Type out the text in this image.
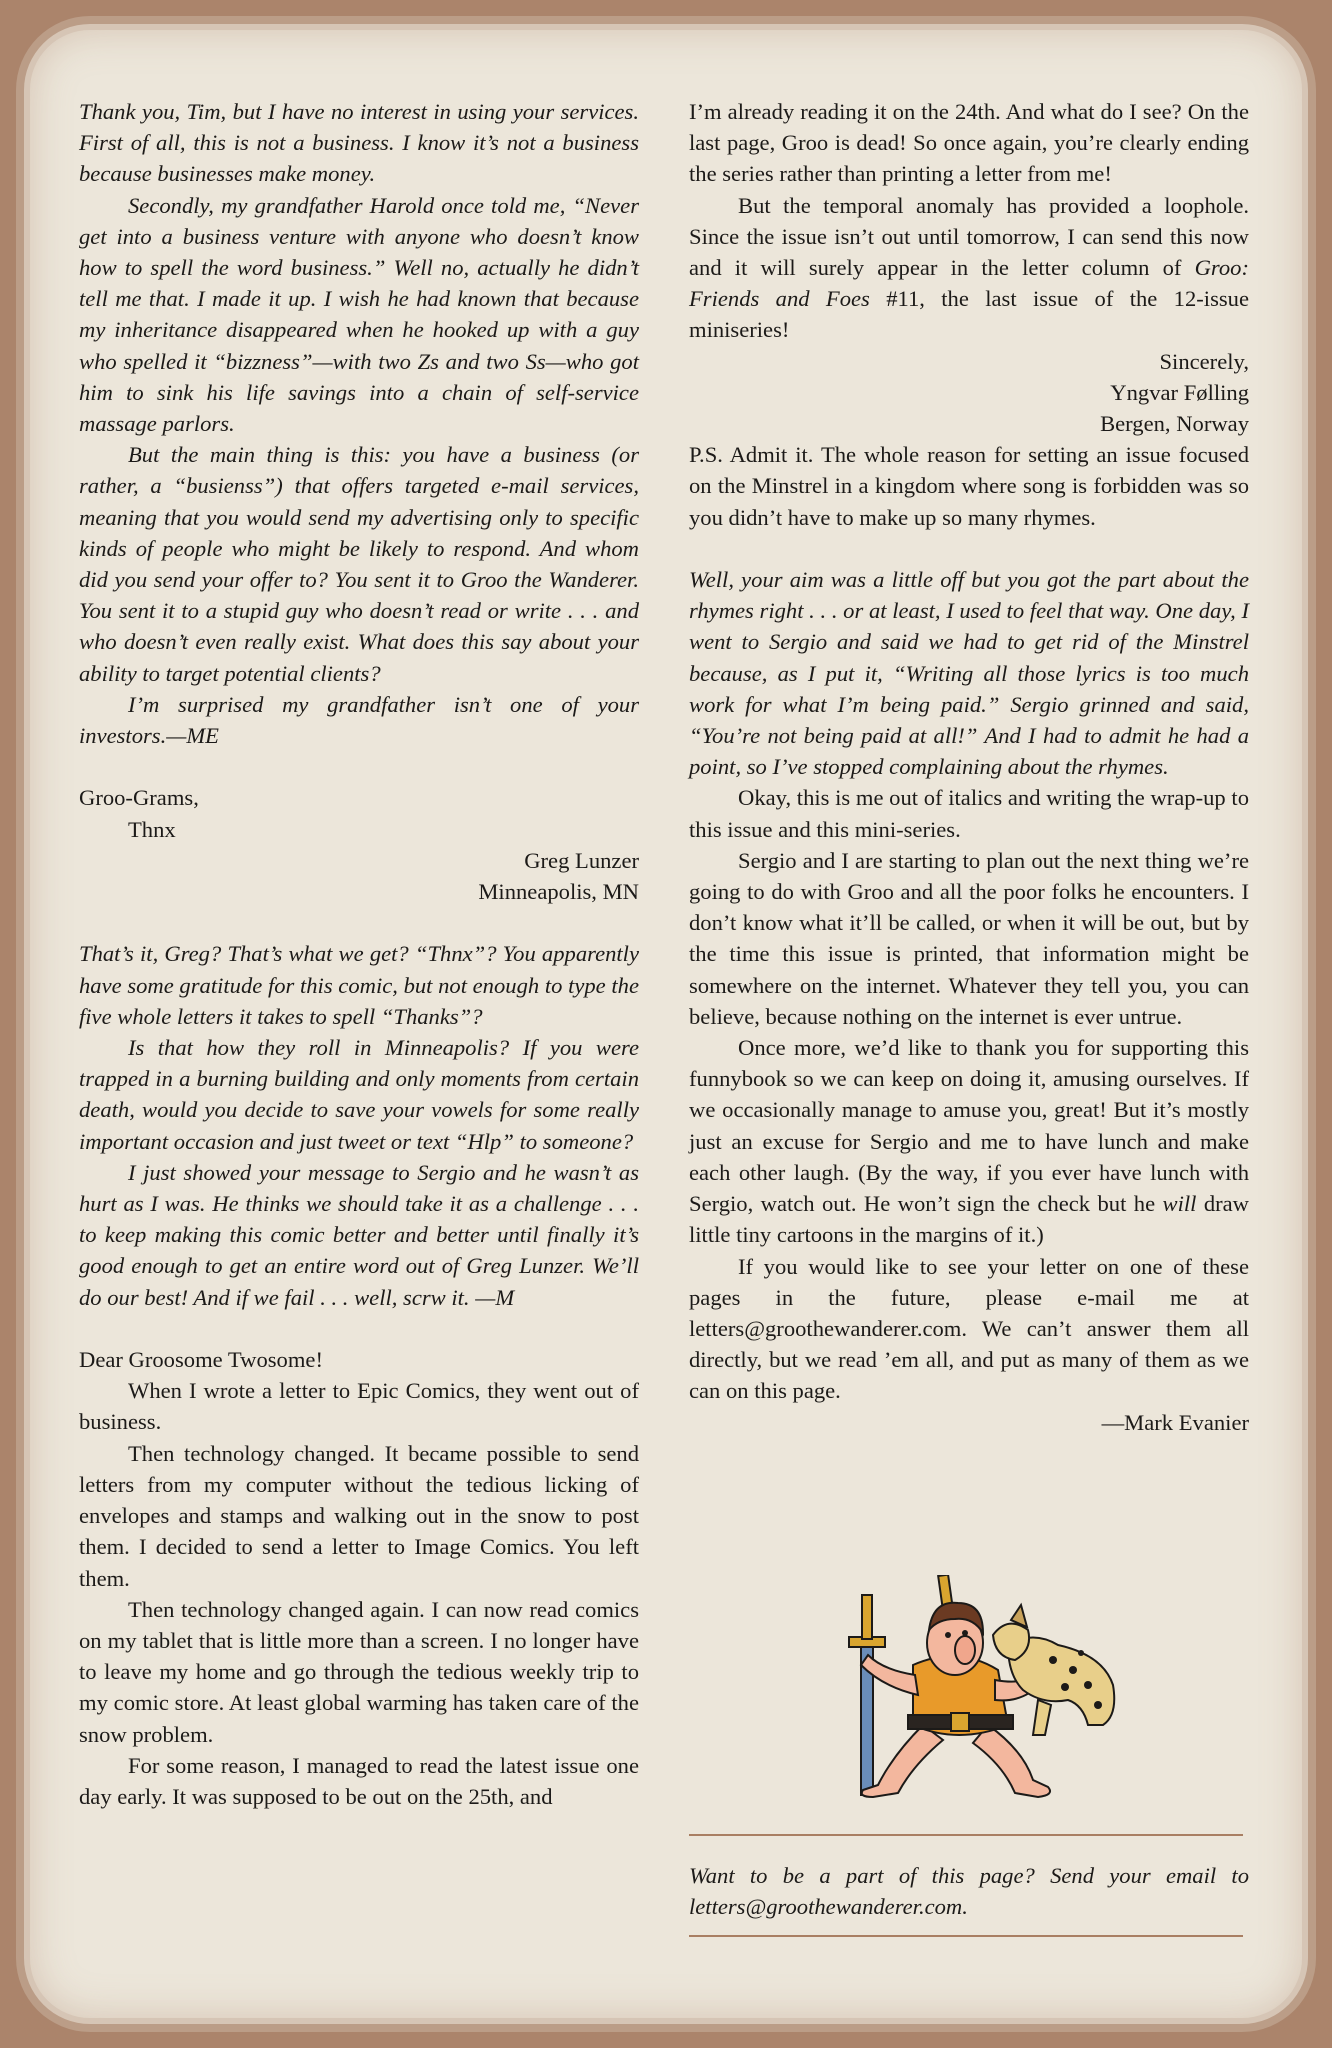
Thank you, Tim, but I have no interest in using your services. First of all, this is not a business. I know it’s not a business because businesses make money.

Secondly, my grandfather Harold once told me, “Never get into a business venture with anyone who doesn’t know how to spell the word business.” Well no, actually he didn’t tell me that. I made it up. I wish he had known that because my inheritance disappeared when he hooked up with a guy who spelled it “bizzness”—with two Zs and two Ss—who got him to sink his life savings into a chain of self-service massage parlors.

But the main thing is this: you have a business (or rather, a “busienss”) that offers targeted e-mail services, meaning that you would send my advertising only to specific kinds of people who might be likely to respond. And whom did you send your offer to? You sent it to Groo the Wanderer. You sent it to a stupid guy who doesn’t read or write . . . and who doesn’t even really exist. What does this say about your ability to target potential clients?

I’m surprised my grandfather isn’t one of your investors.—ME

Groo-Grams,

Thnx

Greg Lunzer

Minneapolis, MN

That’s it, Greg? That’s what we get? “Thnx”? You apparently have some gratitude for this comic, but not enough to type the five whole letters it takes to spell “Thanks”?

Is that how they roll in Minneapolis? If you were trapped in a burning building and only moments from certain death, would you decide to save your vowels for some really important occasion and just tweet or text “Hlp” to someone?

I just showed your message to Sergio and he wasn’t as hurt as I was. He thinks we should take it as a challenge . . . to keep making this comic better and better until finally it’s good enough to get an entire word out of Greg Lunzer. We’ll do our best! And if we fail . . . well, scrw it. —M

Dear Groosome Twosome!

When I wrote a letter to Epic Comics, they went out of business.

Then technology changed. It became possible to send letters from my computer without the tedious licking of envelopes and stamps and walking out in the snow to post them. I decided to send a letter to Image Comics. You left them.

Then technology changed again. I can now read comics on my tablet that is little more than a screen. I no longer have to leave my home and go through the tedious weekly trip to my comic store. At least global warming has taken care of the snow problem.

For some reason, I managed to read the latest issue one day early. It was supposed to be out on the 25th, and

I’m already reading it on the 24th. And what do I see? On the last page, Groo is dead! So once again, you’re clearly ending the series rather than printing a letter from me!

But the temporal anomaly has provided a loophole. Since the issue isn’t out until tomorrow, I can send this now and it will surely appear in the letter column of Groo: Friends and Foes #11, the last issue of the 12-issue miniseries!

Sincerely,

Yngvar Følling

Bergen, Norway

P.S. Admit it. The whole reason for setting an issue focused on the Minstrel in a kingdom where song is forbidden was so you didn’t have to make up so many rhymes.

Well, your aim was a little off but you got the part about the rhymes right . . . or at least, I used to feel that way. One day, I went to Sergio and said we had to get rid of the Minstrel because, as I put it, “Writing all those lyrics is too much work for what I’m being paid.” Sergio grinned and said, “You’re not being paid at all!” And I had to admit he had a point, so I’ve stopped complaining about the rhymes.

Okay, this is me out of italics and writing the wrap-up to this issue and this mini-series.

Sergio and I are starting to plan out the next thing we’re going to do with Groo and all the poor folks he encounters. I don’t know what it’ll be called, or when it will be out, but by the time this issue is printed, that information might be somewhere on the internet. Whatever they tell you, you can believe, because nothing on the internet is ever untrue.

Once more, we’d like to thank you for supporting this funnybook so we can keep on doing it, amusing ourselves. If we occasionally manage to amuse you, great! But it’s mostly just an excuse for Sergio and me to have lunch and make each other laugh. (By the way, if you ever have lunch with Sergio, watch out. He won’t sign the check but he will draw little tiny cartoons in the margins of it.)

If you would like to see your letter on one of these pages in the future, please e-mail me at letters@groothewanderer.com. We can’t answer them all directly, but we read ’em all, and put as many of them as we can on this page.

—Mark Evanier

Want to be a part of this page? Send your email to letters@groothewanderer.com.
